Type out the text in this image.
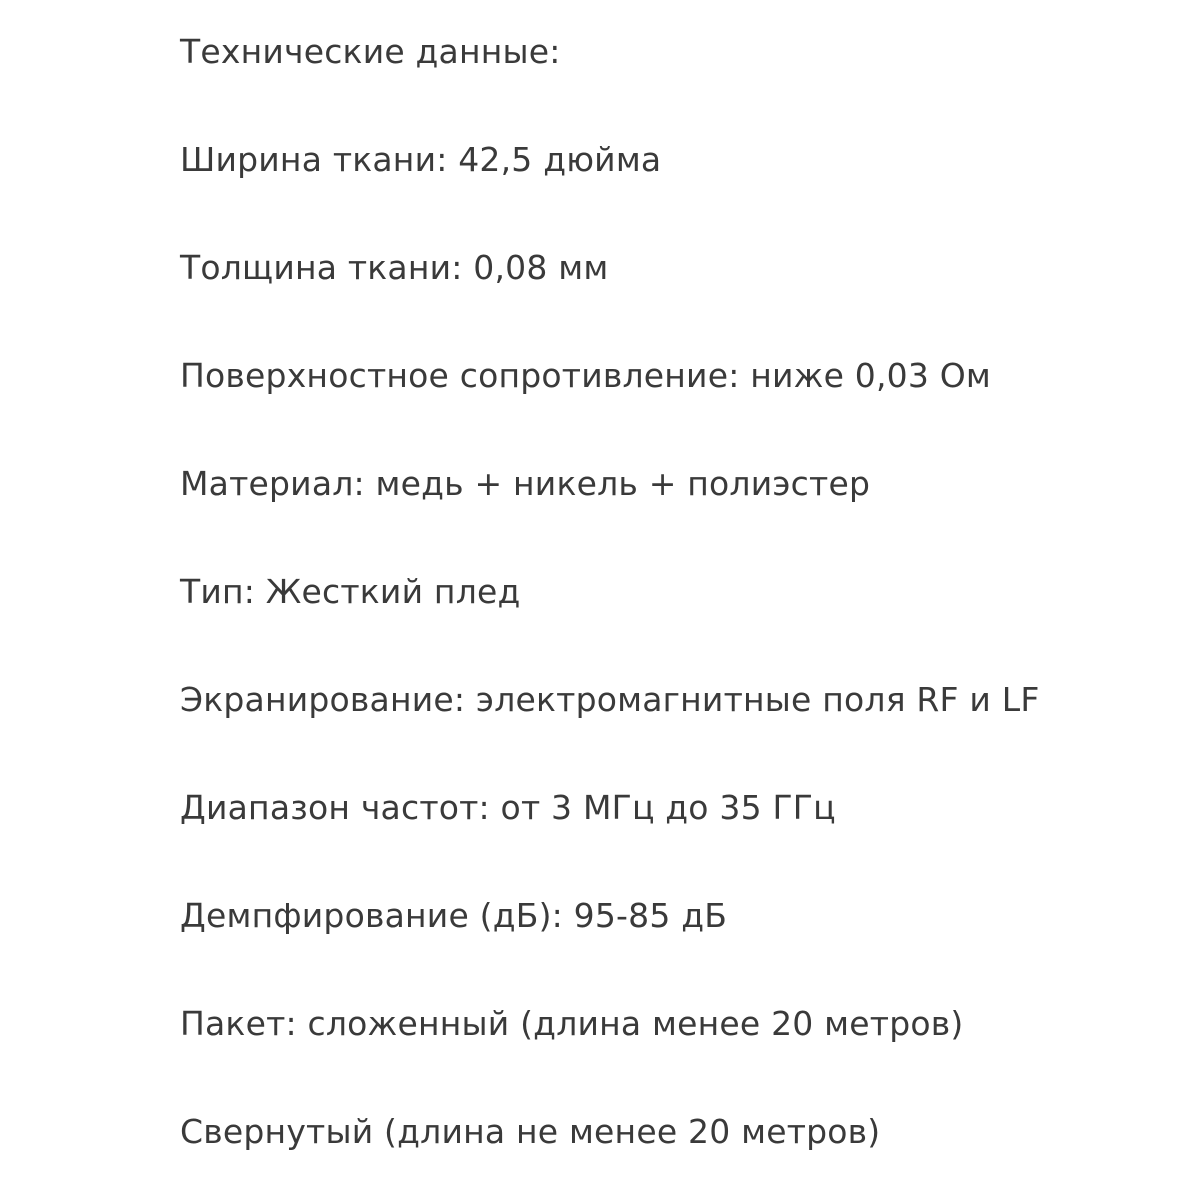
Технические данные:
Ширина ткани: 42,5 дюйма
Толщина ткани: 0,08 мм
Поверхностное сопротивление: ниже 0,03 Ом
Материал: медь + никель + полиэстер
Тип: Жесткий плед
Экранирование: электромагнитные поля RF и LF
Диапазон частот: от 3 МГц до 35 ГГц
Демпфирование (дБ): 95-85 дБ
Пакет: сложенный (длина менее 20 метров)
Свернутый (длина не менее 20 метров)
